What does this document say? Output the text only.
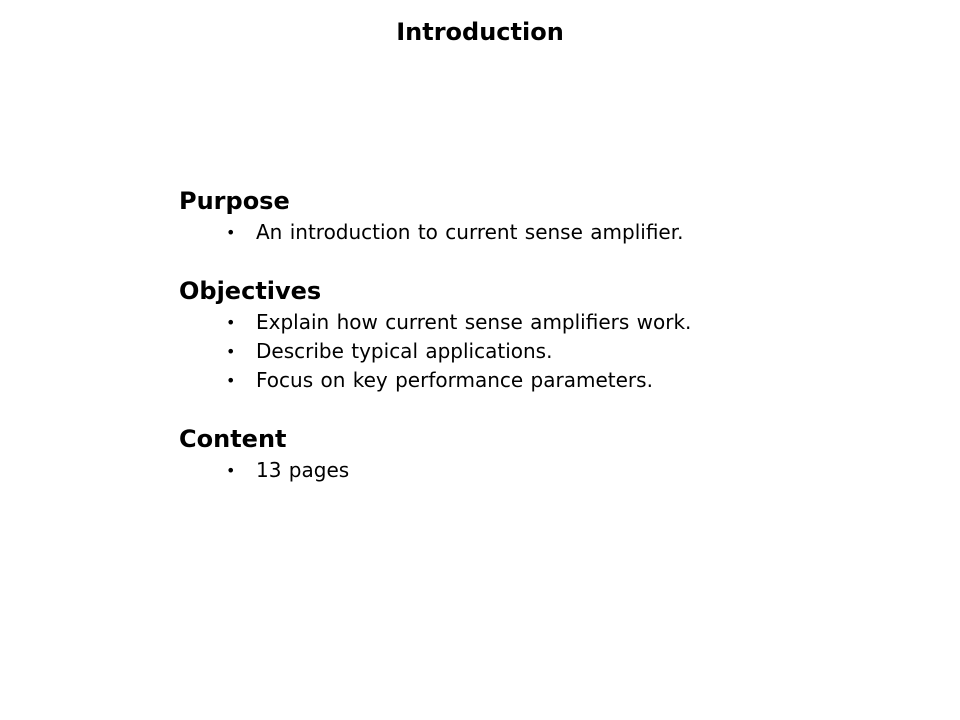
Introduction
Purpose
• An introduction to current sense amplifier.
Objectives
• Explain how current sense amplifiers work.
• Describe typical applications.
• Focus on key performance parameters.
Content
• 13 pages
